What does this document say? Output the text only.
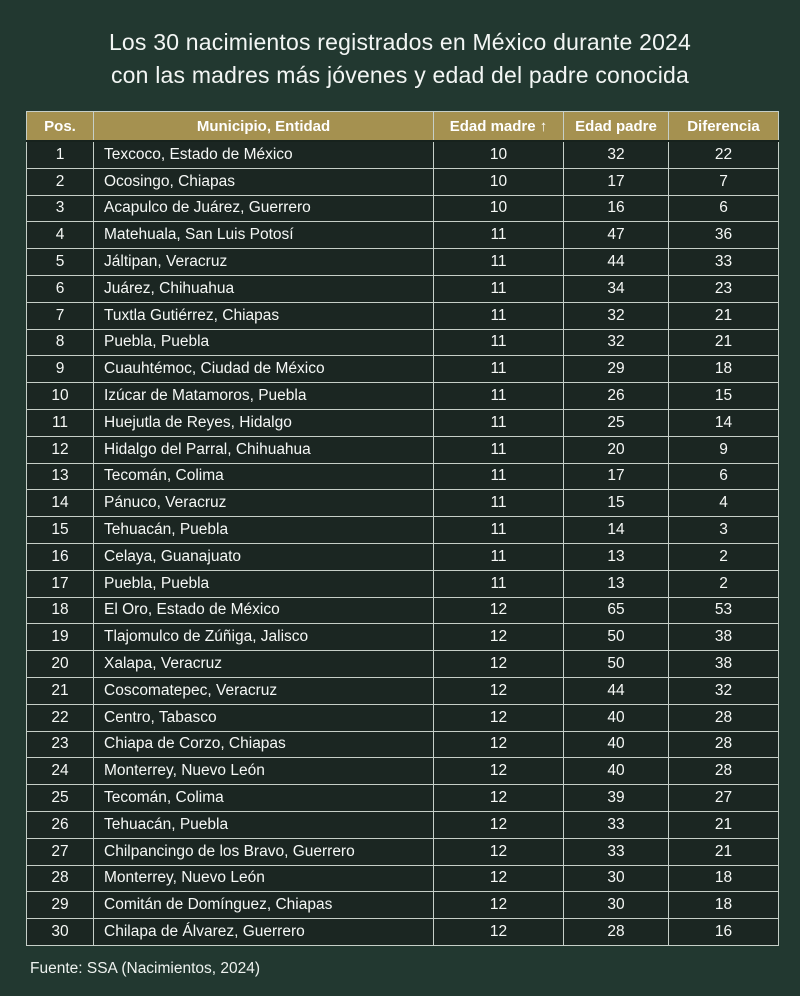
Los 30 nacimientos registrados en México durante 2024
con las madres más jóvenes y edad del padre conocida
Pos.	Municipio, Entidad	Edad madre ↑	Edad padre	Diferencia
1	Texcoco, Estado de México	10	32	22
2	Ocosingo, Chiapas	10	17	7
3	Acapulco de Juárez, Guerrero	10	16	6
4	Matehuala, San Luis Potosí	11	47	36
5	Jáltipan, Veracruz	11	44	33
6	Juárez, Chihuahua	11	34	23
7	Tuxtla Gutiérrez, Chiapas	11	32	21
8	Puebla, Puebla	11	32	21
9	Cuauhtémoc, Ciudad de México	11	29	18
10	Izúcar de Matamoros, Puebla	11	26	15
11	Huejutla de Reyes, Hidalgo	11	25	14
12	Hidalgo del Parral, Chihuahua	11	20	9
13	Tecomán, Colima	11	17	6
14	Pánuco, Veracruz	11	15	4
15	Tehuacán, Puebla	11	14	3
16	Celaya, Guanajuato	11	13	2
17	Puebla, Puebla	11	13	2
18	El Oro, Estado de México	12	65	53
19	Tlajomulco de Zúñiga, Jalisco	12	50	38
20	Xalapa, Veracruz	12	50	38
21	Coscomatepec, Veracruz	12	44	32
22	Centro, Tabasco	12	40	28
23	Chiapa de Corzo, Chiapas	12	40	28
24	Monterrey, Nuevo León	12	40	28
25	Tecomán, Colima	12	39	27
26	Tehuacán, Puebla	12	33	21
27	Chilpancingo de los Bravo, Guerrero	12	33	21
28	Monterrey, Nuevo León	12	30	18
29	Comitán de Domínguez, Chiapas	12	30	18
30	Chilapa de Álvarez, Guerrero	12	28	16
Fuente: SSA (Nacimientos, 2024)
